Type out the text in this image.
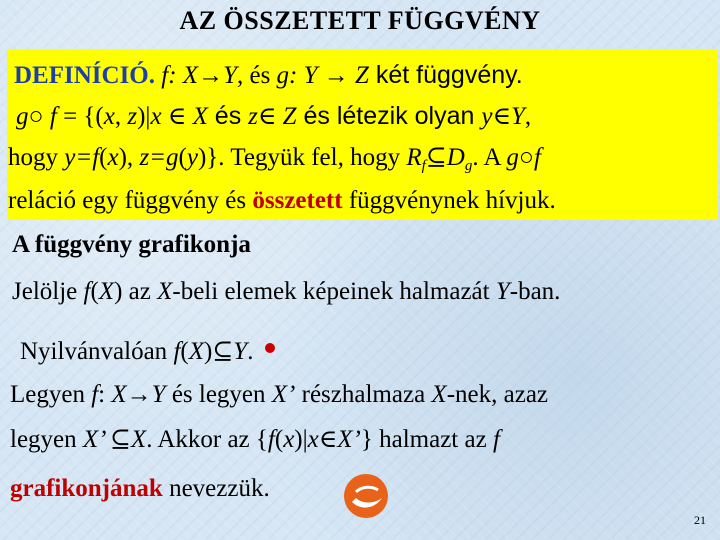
AZ ÖSSZETETT FÜGGVÉNY
DEFINÍCIÓ. f: X→Y, és g: Y → Z két függvény.
g○ f = {(x, z)|x ∈ X és z∈ Z és létezik olyan y∈Y,
hogy y=f(x), z=g(y)}. Tegyük fel, hogy $R_f⊆D_g$. A g○f
reláció egy függvény és összetett függvénynek hívjuk.
A függvény grafikonja
Jelölje f(X) az X-beli elemek képeinek halmazát Y-ban.
Nyilvánvalóan f(X)⊆Y.
Legyen f: X→Y és legyen X’ részhalmaza X-nek, azaz
legyen X’ ⊆X. Akkor az {f(x)|x∈X’} halmazt az f
grafikonjának nevezzük.
21
